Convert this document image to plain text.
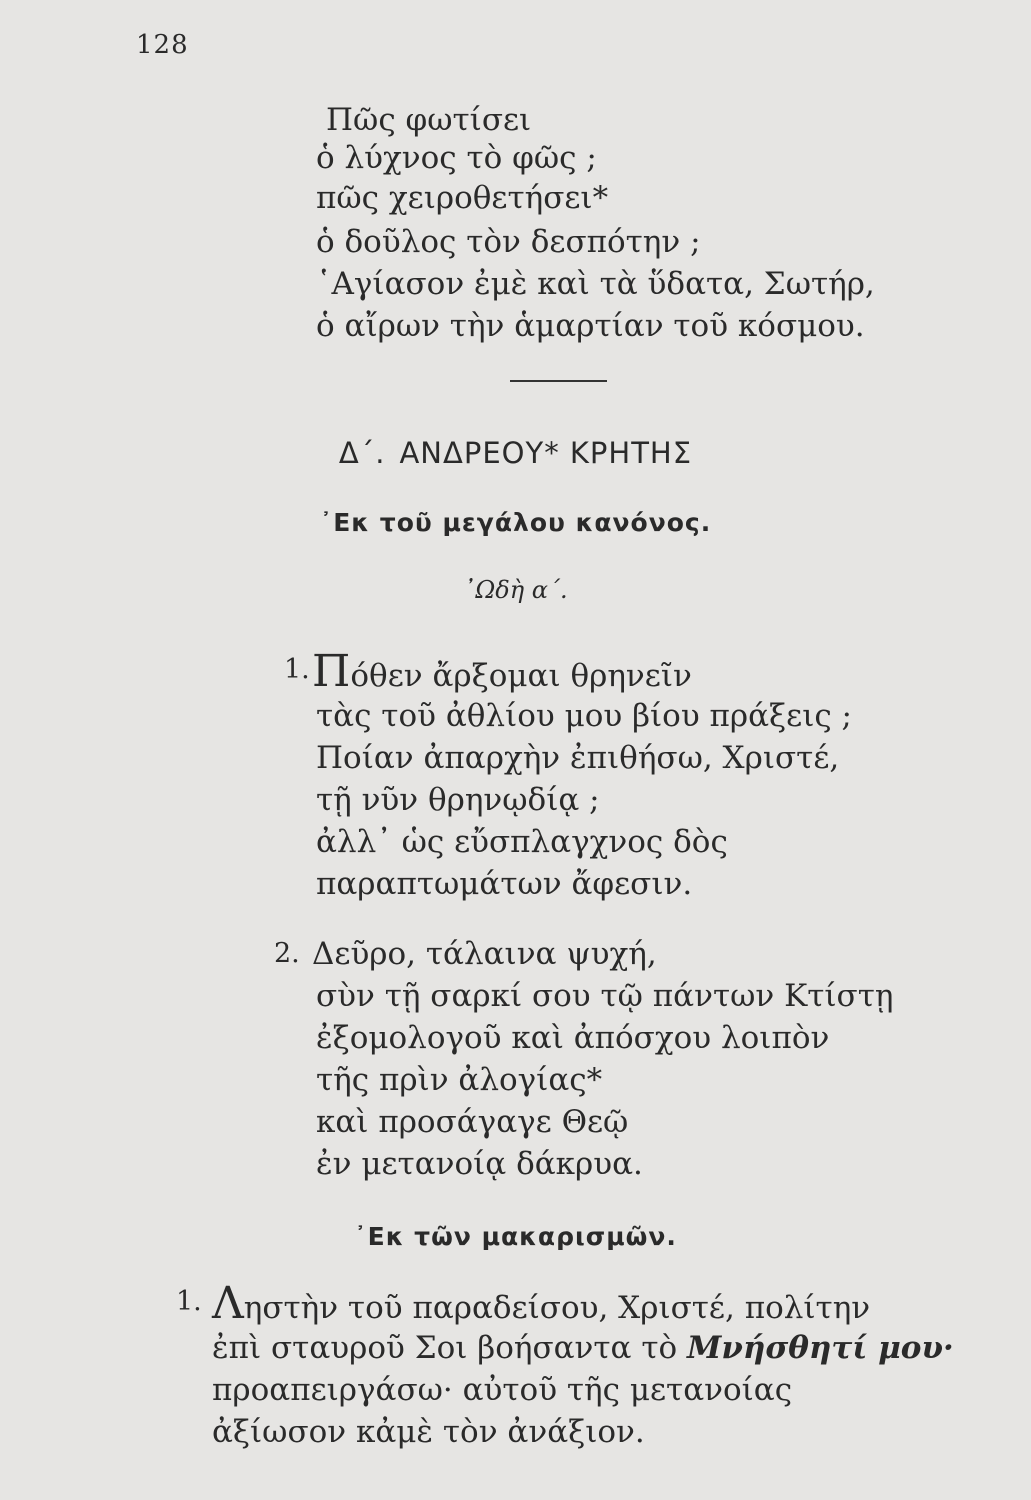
128
Πῶς φωτίσει
ὁ λύχνος τὸ φῶς ;
πῶς χειροθετήσει*
ὁ δοῦλος τὸν δεσπότην ;
῾Αγίασον ἐμὲ καὶ τὰ ὕδατα, Σωτήρ,
ὁ αἴρων τὴν ἁμαρτίαν τοῦ κόσμου.
Δ΄. ΑΝΔΡΕΟΥ* ΚΡΗΤΗΣ
᾿Εκ τοῦ μεγάλου κανόνος.
᾿Ωδὴ α΄.
1. Πόθεν ἄρξομαι θρηνεῖν
τὰς τοῦ ἀθλίου μου βίου πράξεις ;
Ποίαν ἀπαρχὴν ἐπιθήσω, Χριστέ,
τῇ νῦν θρηνῳδίᾳ ;
ἀλλ᾿ ὡς εὔσπλαγχνος δὸς
παραπτωμάτων ἄφεσιν.
2. Δεῦρο, τάλαινα ψυχή,
σὺν τῇ σαρκί σου τῷ πάντων Κτίστῃ
ἐξομολογοῦ καὶ ἀπόσχου λοιπὸν
τῆς πρὶν ἀλογίας*
καὶ προσάγαγε Θεῷ
ἐν μετανοίᾳ δάκρυα.
᾿Εκ τῶν μακαρισμῶν.
1. Ληστὴν τοῦ παραδείσου, Χριστέ, πολίτην
ἐπὶ σταυροῦ Σοι βοήσαντα τὸ Μνήσθητί μου·
προαπειργάσω· αὐτοῦ τῆς μετανοίας
ἀξίωσον κἀμὲ τὸν ἀνάξιον.
